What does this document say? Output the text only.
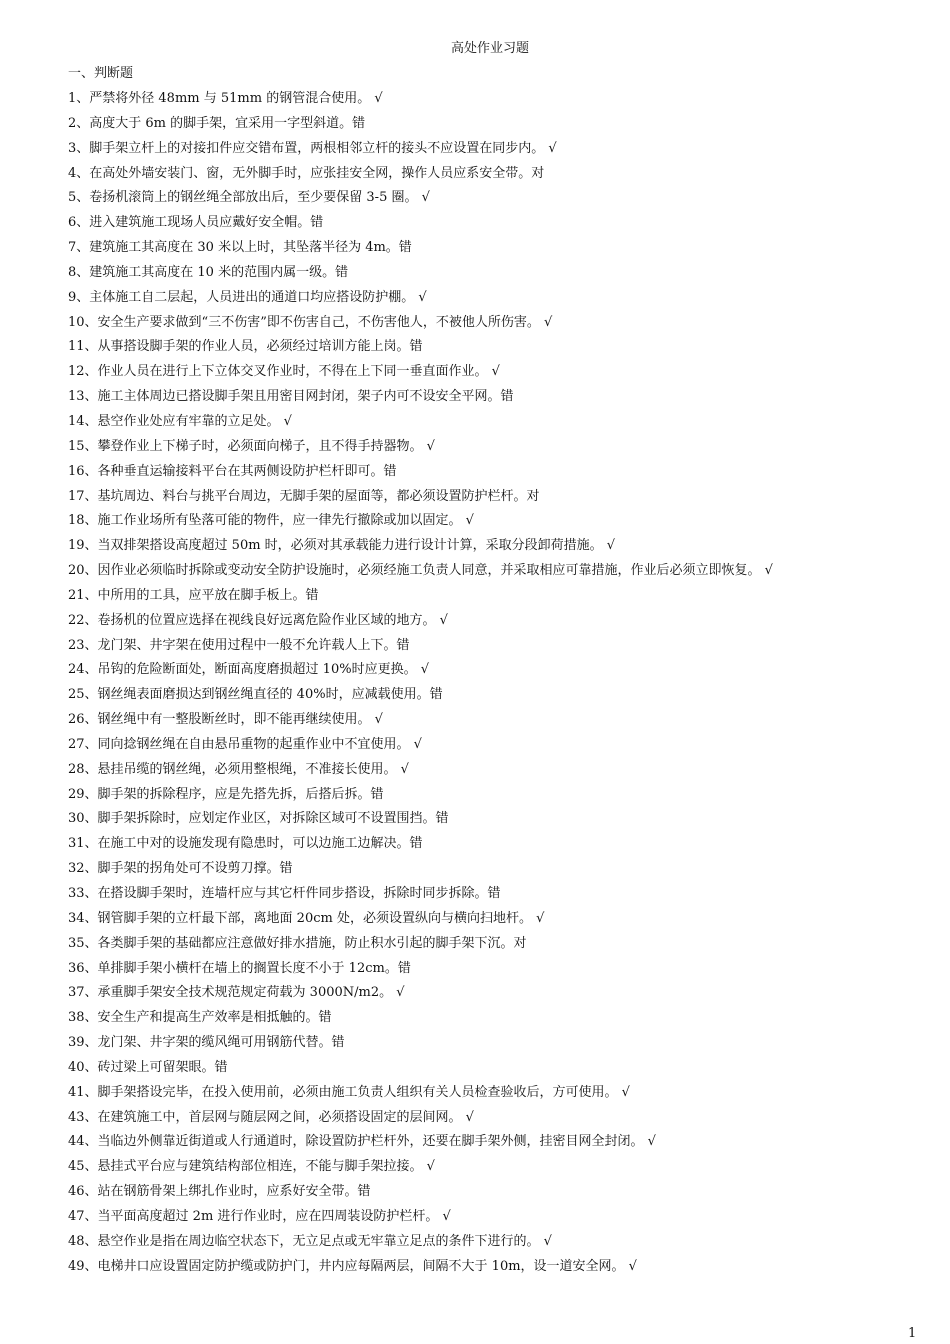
高处作业习题
一、判断题
1、严禁将外径 48mm 与 51mm 的钢管混合使用。 √
2、高度大于 6m 的脚手架，宜采用一字型斜道。错
3、脚手架立杆上的对接扣件应交错布置，两根相邻立杆的接头不应设置在同步内。 √
4、在高处外墙安装门、窗，无外脚手时，应张挂安全网，操作人员应系安全带。对
5、卷扬机滚筒上的钢丝绳全部放出后，至少要保留 3-5 圈。 √
6、进入建筑施工现场人员应戴好安全帽。错
7、建筑施工其高度在 30 米以上时，其坠落半径为 4m。错
8、建筑施工其高度在 10 米的范围内属一级。错
9、主体施工自二层起，人员进出的通道口均应搭设防护棚。 √
10、安全生产要求做到“三不伤害”即不伤害自己，不伤害他人，不被他人所伤害。 √
11、从事搭设脚手架的作业人员，必须经过培训方能上岗。错
12、作业人员在进行上下立体交叉作业时，不得在上下同一垂直面作业。 √
13、施工主体周边已搭设脚手架且用密目网封闭，架子内可不设安全平网。错
14、悬空作业处应有牢靠的立足处。 √
15、攀登作业上下梯子时，必须面向梯子，且不得手持器物。 √
16、各种垂直运输接料平台在其两侧设防护栏杆即可。错
17、基坑周边、料台与挑平台周边，无脚手架的屋面等，都必须设置防护栏杆。对
18、施工作业场所有坠落可能的物件，应一律先行撤除或加以固定。 √
19、当双排架搭设高度超过 50m 时，必须对其承载能力进行设计计算，采取分段卸荷措施。 √
20、因作业必须临时拆除或变动安全防护设施时，必须经施工负责人同意，并采取相应可靠措施，作业后必须立即恢复。 √
21、中所用的工具，应平放在脚手板上。错
22、卷扬机的位置应选择在视线良好远离危险作业区域的地方。 √
23、龙门架、井字架在使用过程中一般不允许载人上下。错
24、吊钩的危险断面处，断面高度磨损超过 10%时应更换。 √
25、钢丝绳表面磨损达到钢丝绳直径的 40%时，应减载使用。错
26、钢丝绳中有一整股断丝时，即不能再继续使用。 √
27、同向捻钢丝绳在自由悬吊重物的起重作业中不宜使用。 √
28、悬挂吊缆的钢丝绳，必须用整根绳，不准接长使用。 √
29、脚手架的拆除程序，应是先搭先拆，后搭后拆。错
30、脚手架拆除时，应划定作业区，对拆除区域可不设置围挡。错
31、在施工中对的设施发现有隐患时，可以边施工边解决。错
32、脚手架的拐角处可不设剪刀撑。错
33、在搭设脚手架时，连墙杆应与其它杆件同步搭设，拆除时同步拆除。错
34、钢管脚手架的立杆最下部，离地面 20cm 处，必须设置纵向与横向扫地杆。 √
35、各类脚手架的基础都应注意做好排水措施，防止积水引起的脚手架下沉。对
36、单排脚手架小横杆在墙上的搁置长度不小于 12cm。错
37、承重脚手架安全技术规范规定荷载为 3000N/m2。 √
38、安全生产和提高生产效率是相抵触的。错
39、龙门架、井字架的缆风绳可用钢筋代替。错
40、砖过梁上可留架眼。错
41、脚手架搭设完毕，在投入使用前，必须由施工负责人组织有关人员检查验收后，方可使用。 √
43、在建筑施工中，首层网与随层网之间，必须搭设固定的层间网。 √
44、当临边外侧靠近街道或人行通道时，除设置防护栏杆外，还要在脚手架外侧，挂密目网全封闭。 √
45、悬挂式平台应与建筑结构部位相连，不能与脚手架拉接。 √
46、站在钢筋骨架上绑扎作业时，应系好安全带。错
47、当平面高度超过 2m 进行作业时，应在四周装设防护栏杆。 √
48、悬空作业是指在周边临空状态下，无立足点或无牢靠立足点的条件下进行的。 √
49、电梯井口应设置固定防护缆或防护门，井内应每隔两层，间隔不大于 10m，设一道安全网。 √
1
